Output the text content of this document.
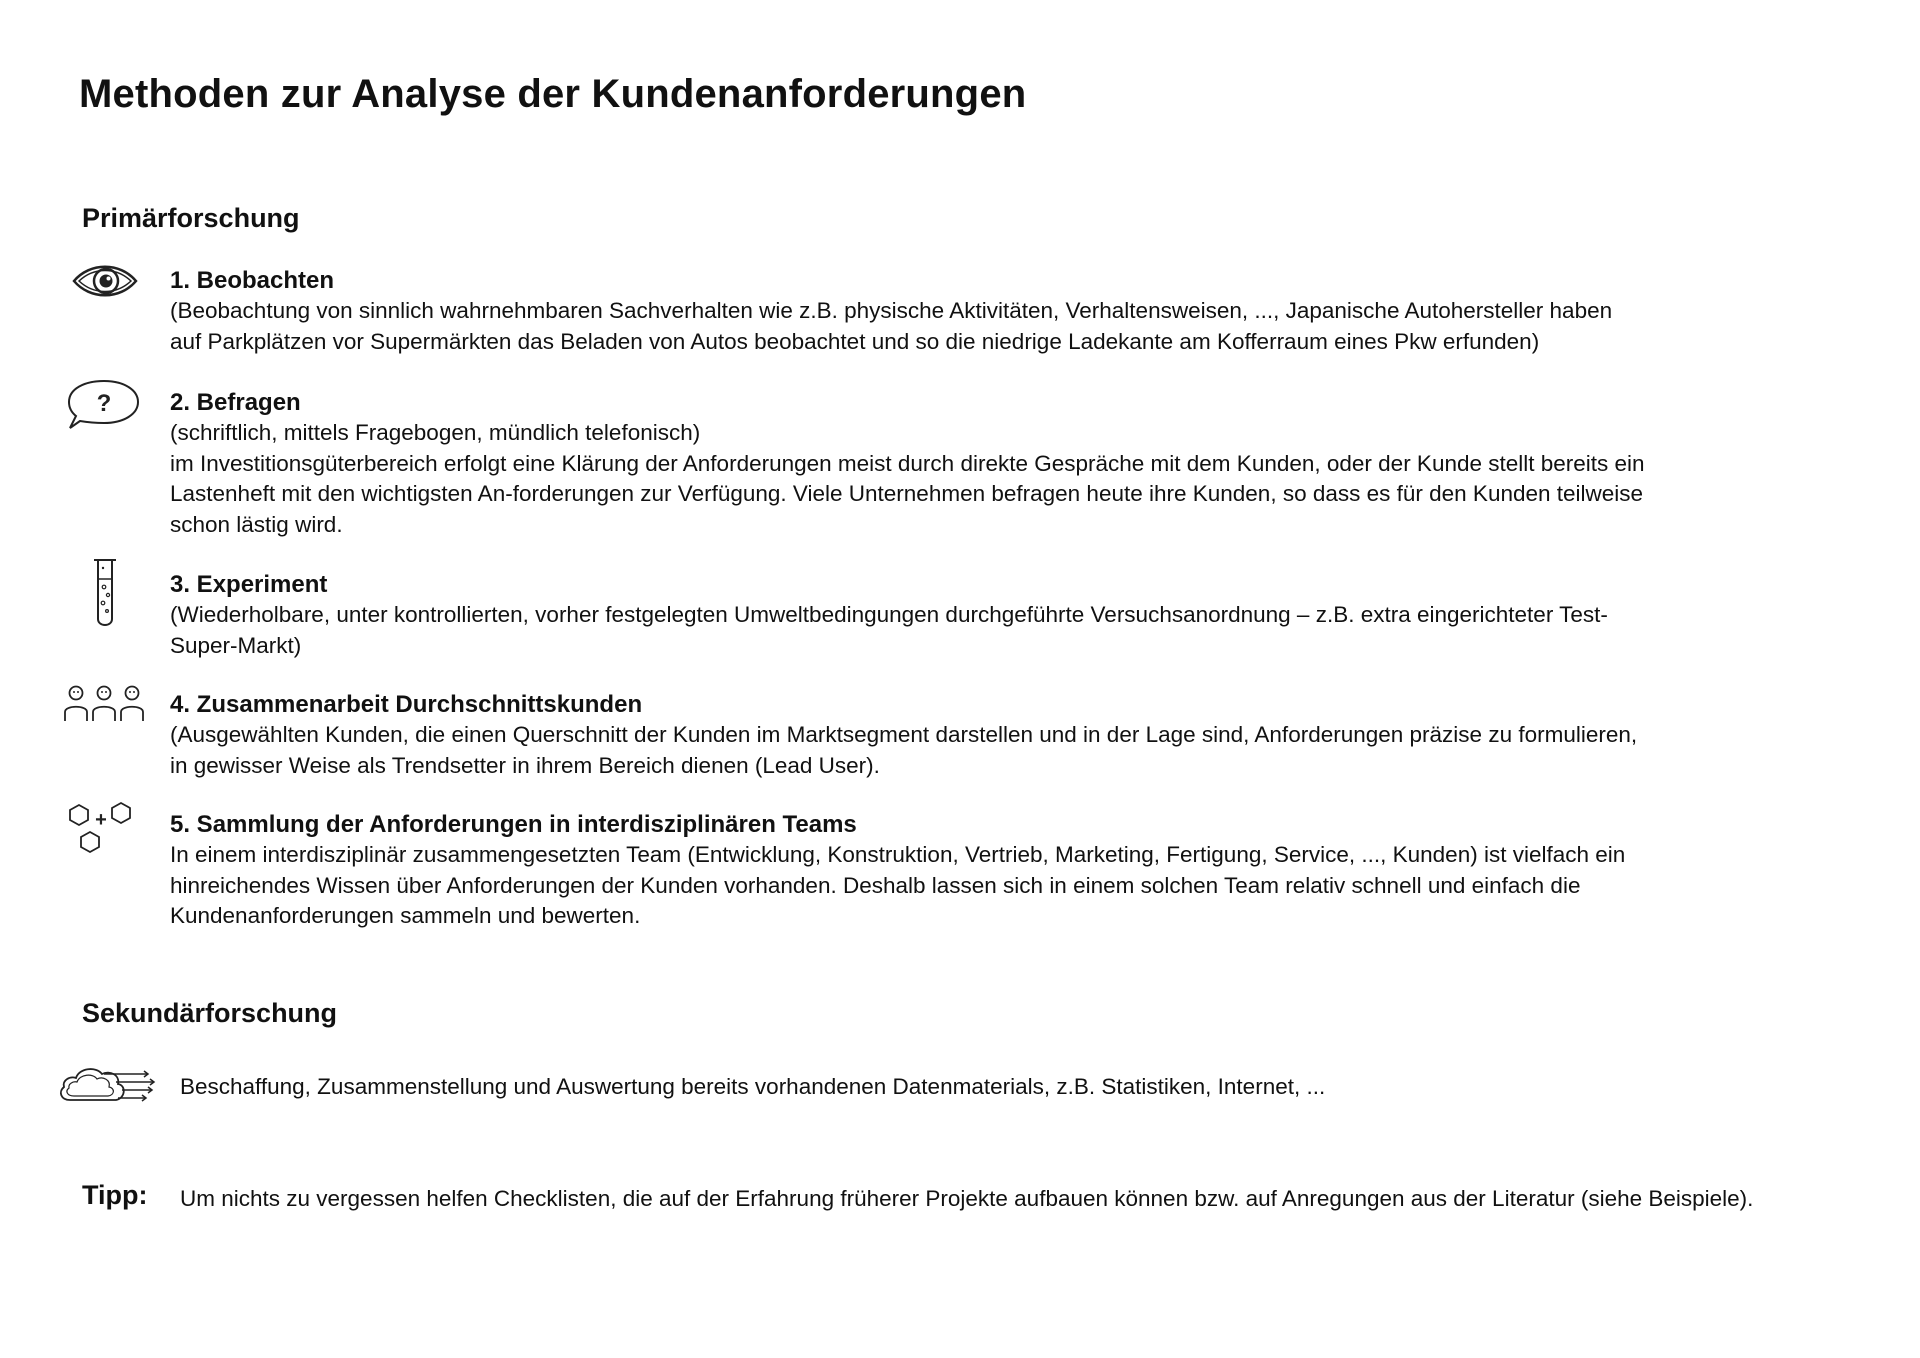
Methoden zur Analyse der Kundenanforderungen
Primärforschung
1. Beobachten
(Beobachtung von sinnlich wahrnehmbaren Sachverhalten wie z.B. physische Aktivitäten, Verhaltensweisen, ..., Japanische Autohersteller haben
auf Parkplätzen vor Supermärkten das Beladen von Autos beobachtet und so die niedrige Ladekante am Kofferraum eines Pkw erfunden)
? 2. Befragen
(schriftlich, mittels Fragebogen, mündlich telefonisch)
im Investitionsgüterbereich erfolgt eine Klärung der Anforderungen meist durch direkte Gespräche mit dem Kunden, oder der Kunde stellt bereits ein
Lastenheft mit den wichtigsten An-forderungen zur Verfügung. Viele Unternehmen befragen heute ihre Kunden, so dass es für den Kunden teilweise
schon lästig wird.
3. Experiment
(Wiederholbare, unter kontrollierten, vorher festgelegten Umweltbedingungen durchgeführte Versuchsanordnung – z.B. extra eingerichteter Test-
Super-Markt)
4. Zusammenarbeit Durchschnittskunden
(Ausgewählten Kunden, die einen Querschnitt der Kunden im Marktsegment darstellen und in der Lage sind, Anforderungen präzise zu formulieren,
in gewisser Weise als Trendsetter in ihrem Bereich dienen (Lead User).
+	5. Sammlung der Anforderungen in interdisziplinären Teams
In einem interdisziplinär zusammengesetzten Team (Entwicklung, Konstruktion, Vertrieb, Marketing, Fertigung, Service, ..., Kunden) ist vielfach ein
hinreichendes Wissen über Anforderungen der Kunden vorhanden. Deshalb lassen sich in einem solchen Team relativ schnell und einfach die
Kundenanforderungen sammeln und bewerten.
Sekundärforschung
Beschaffung, Zusammenstellung und Auswertung bereits vorhandenen Datenmaterials, z.B. Statistiken, Internet, ...
Tipp: Um nichts zu vergessen helfen Checklisten, die auf der Erfahrung früherer Projekte aufbauen können bzw. auf Anregungen aus der Literatur (siehe Beispiele).
